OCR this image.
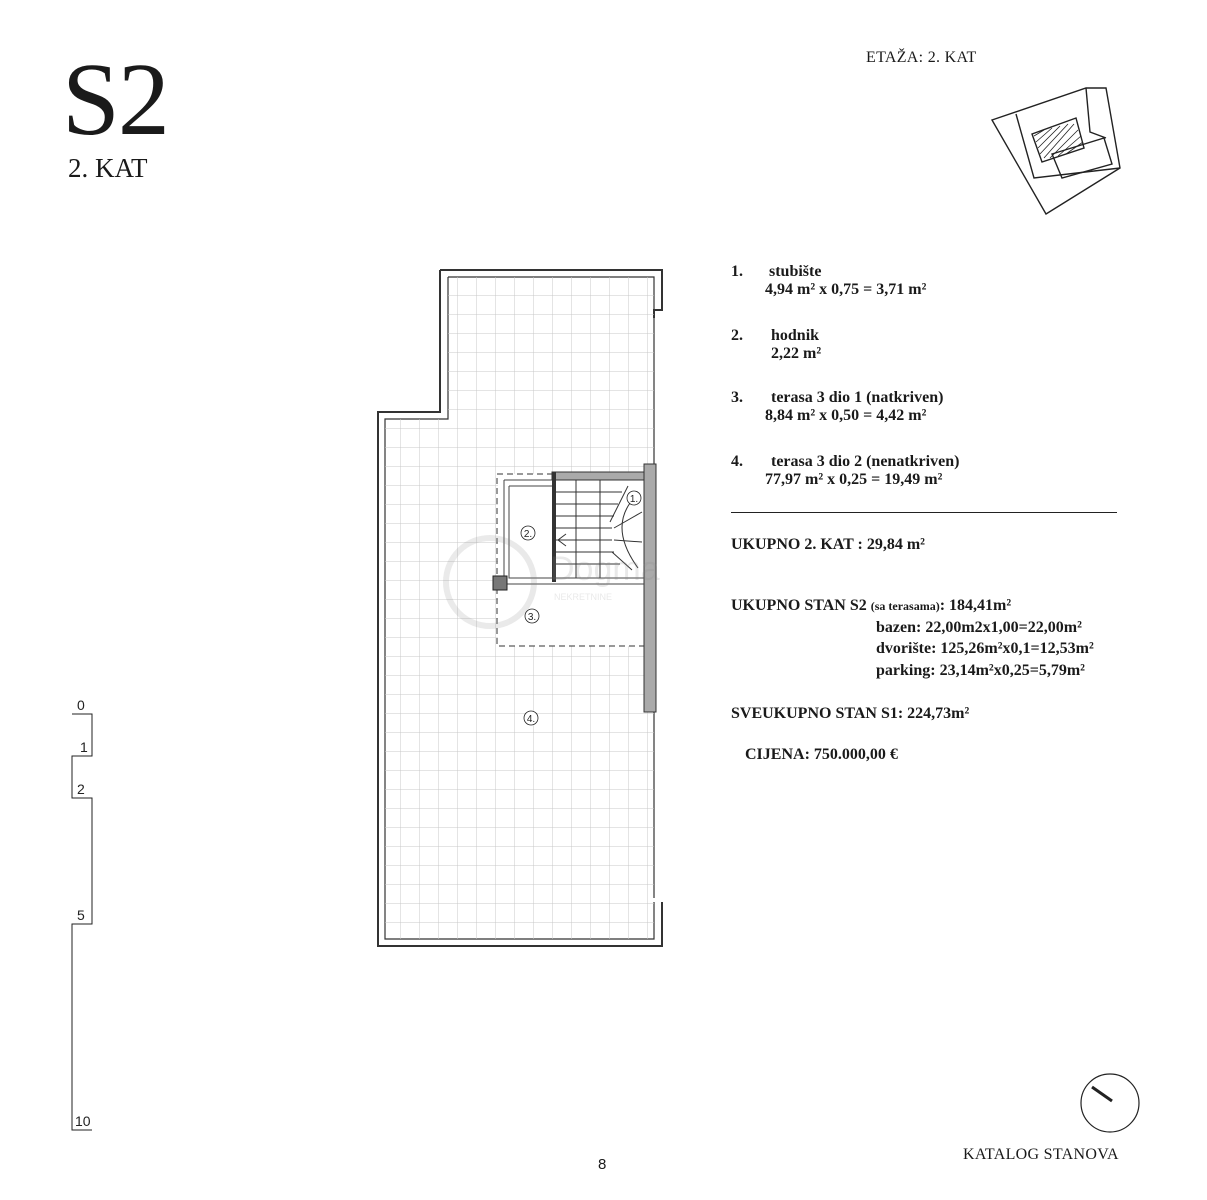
S2
2. KAT
ETAŽA: 2. KAT
1.
2.
3.
4.
Dogma
NEKRETNINE
1. stubište
4,94 m² x 0,75 = 3,71 m²
2. hodnik
2,22 m²
3. terasa 3 dio 1 (natkriven)
8,84 m² x 0,50 = 4,42 m²
4. terasa 3 dio 2 (nenatkriven)
77,97 m² x 0,25 = 19,49 m²
UKUPNO 2. KAT : 29,84 m²
UKUPNO STAN S2 (sa terasama): 184,41m²
bazen: 22,00m2x1,00=22,00m²
dvorište: 125,26m²x0,1=12,53m²
parking: 23,14m²x0,25=5,79m²
SVEUKUPNO STAN S1: 224,73m²
CIJENA: 750.000,00 €
0
1
2
5
10
8
KATALOG STANOVA
